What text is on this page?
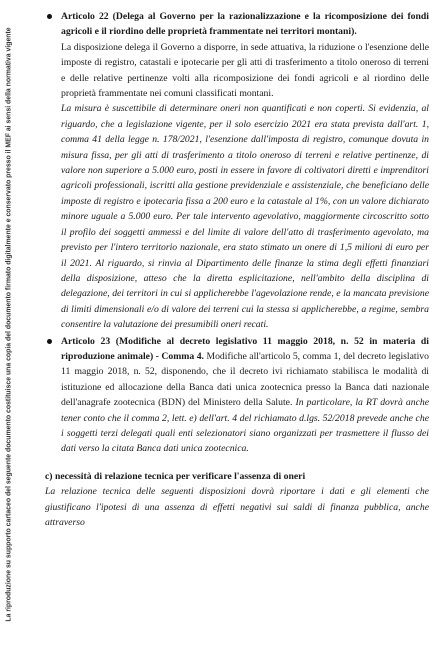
La riproduzione su supporto cartaceo del seguente documento costituisce una copia del documento firmato digitalmente e conservato presso il MEF ai sensi della normativa vigente

Articolo 22 (Delega al Governo per la razionalizzazione e la ricomposizione dei fondi agricoli e il riordino delle proprietà frammentate nei territori montani).

La disposizione delega il Governo a disporre, in sede attuativa, la riduzione o l'esenzione delle imposte di registro, catastali e ipotecarie per gli atti di trasferimento a titolo oneroso di terreni e delle relative pertinenze volti alla ricomposizione dei fondi agricoli e al riordino delle proprietà frammentate nei comuni classificati montani.

La misura è suscettibile di determinare oneri non quantificati e non coperti. Si evidenzia, al riguardo, che a legislazione vigente, per il solo esercizio 2021 era stata prevista dall'art. 1, comma 41 della legge n. 178/2021, l'esenzione dall'imposta di registro, comunque dovuta in misura fissa, per gli atti di trasferimento a titolo oneroso di terreni e relative pertinenze, di valore non superiore a 5.000 euro, posti in essere in favore di coltivatori diretti e imprenditori agricoli professionali, iscritti alla gestione previdenziale e assistenziale, che beneficiano delle imposte di registro e ipotecaria fissa a 200 euro e la catastale al 1%, con un valore dichiarato minore uguale a 5.000 euro. Per tale intervento agevolativo, maggiormente circoscritto sotto il profilo dei soggetti ammessi e del limite di valore dell'atto di trasferimento agevolato, ma previsto per l'intero territorio nazionale, era stato stimato un onere di 1,5 milioni di euro per il 2021. Al riguardo, si rinvia al Dipartimento delle finanze la stima degli effetti finanziari della disposizione, atteso che la diretta esplicitazione, nell'ambito della disciplina di delegazione, dei territori in cui si applicherebbe l'agevolazione rende, e la mancata previsione di limiti dimensionali e/o di valore dei terreni cui la stessa si applicherebbe, a regime, sembra consentire la valutazione dei presumibili oneri recati.

Articolo 23 (Modifiche al decreto legislativo 11 maggio 2018, n. 52 in materia di riproduzione animale) - Comma 4. Modifiche all'articolo 5, comma 1, del decreto legislativo 11 maggio 2018, n. 52, disponendo, che il decreto ivi richiamato stabilisca le modalità di istituzione ed allocazione della Banca dati unica zootecnica presso la Banca dati nazionale dell'anagrafe zootecnica (BDN) del Ministero della Salute. In particolare, la RT dovrà anche tener conto che il comma 2, lett. e) dell'art. 4 del richiamato d.lgs. 52/2018 prevede anche che i soggetti terzi delegati quali enti selezionatori siano organizzati per trasmettere il flusso dei dati verso la citata Banca dati unica zootecnica.

c) necessità di relazione tecnica per verificare l'assenza di oneri

La relazione tecnica delle seguenti disposizioni dovrà riportare i dati e gli elementi che giustificano l'ipotesi di una assenza di effetti negativi sui saldi di finanza pubblica, anche attraverso
